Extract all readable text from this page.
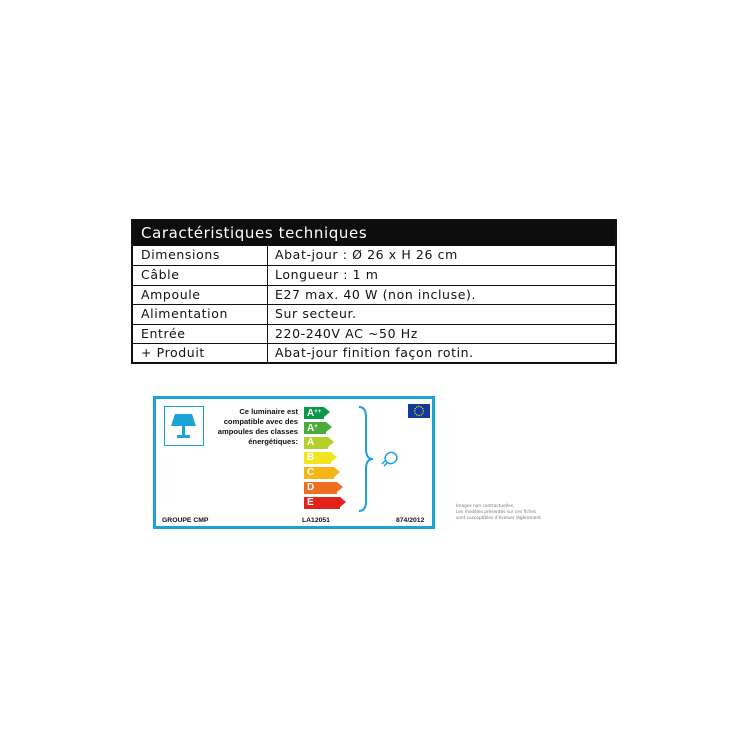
Caractéristiques techniques
Dimensions	Abat-jour : Ø 26 x H 26 cm
Câble	Longueur : 1 m
Ampoule	E27 max. 40 W (non incluse).
Alimentation	Sur secteur.
Entrée	220-240V AC ~50 Hz
+ Produit	Abat-jour finition façon rotin.
Ce luminaire est
compatible avec des
ampoules des classes
énergétiques:
A++
A+
A
B
C
D
E
GROUPE CMP	LA12051	874/2012
Images non contractuelles.
Les modèles présentés sur ces fiches
sont susceptibles d'évoluer légèrement.
